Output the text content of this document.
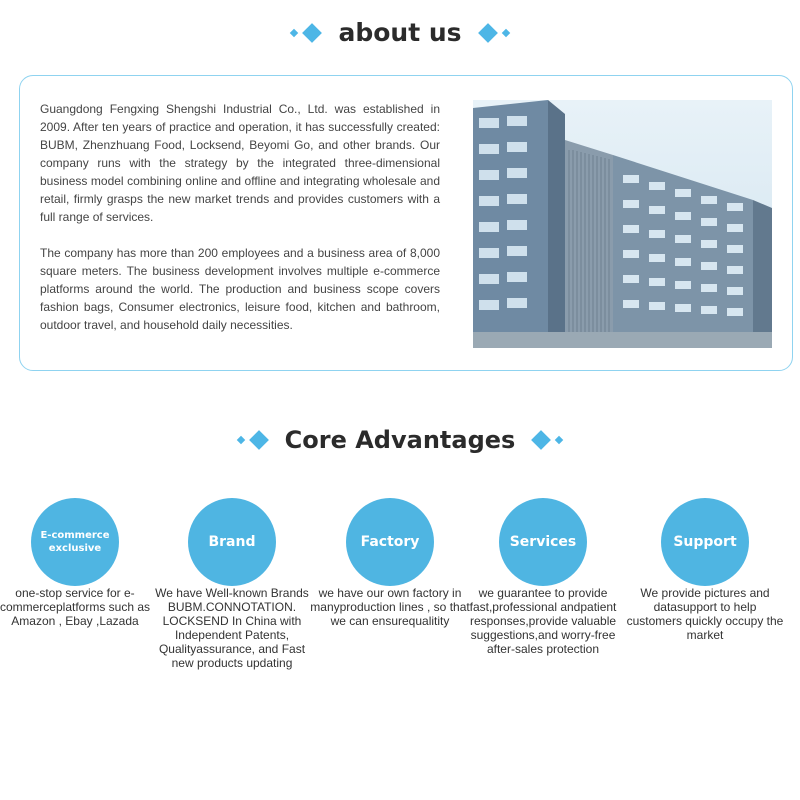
about us

Guangdong Fengxing Shengshi Industrial Co., Ltd. was established in 2009. After ten years of practice and operation, it has successfully created: BUBM, Zhenzhuang Food, Locksend, Beyomi Go, and other brands. Our company runs with the strategy by the integrated three-dimensional business model combining online and offline and integrating wholesale and retail, firmly grasps the new market trends and provides customers with a full range of services.

The company has more than 200 employees and a business area of 8,000 square meters. The business development involves multiple e-commerce platforms around the world. The production and business scope covers fashion bags, Consumer electronics, leisure food, kitchen and bathroom, outdoor travel, and household daily necessities.

Core Advantages
E-commerce
exclusive
one-stop service for e-commerceplatforms such as Amazon , Ebay ,Lazada
Brand
We have Well-known Brands BUBM.CONNOTATION. LOCKSEND In China with Independent Patents, Qualityassurance, and Fast new products updating
Factory
we have our own factory in manyproduction lines , so that we can ensurequalitity
Services
we guarantee to provide fast,professional andpatient responses,provide valuable suggestions,and worry-free after-sales protection
Support
We provide pictures and datasupport to help customers quickly occupy the market
